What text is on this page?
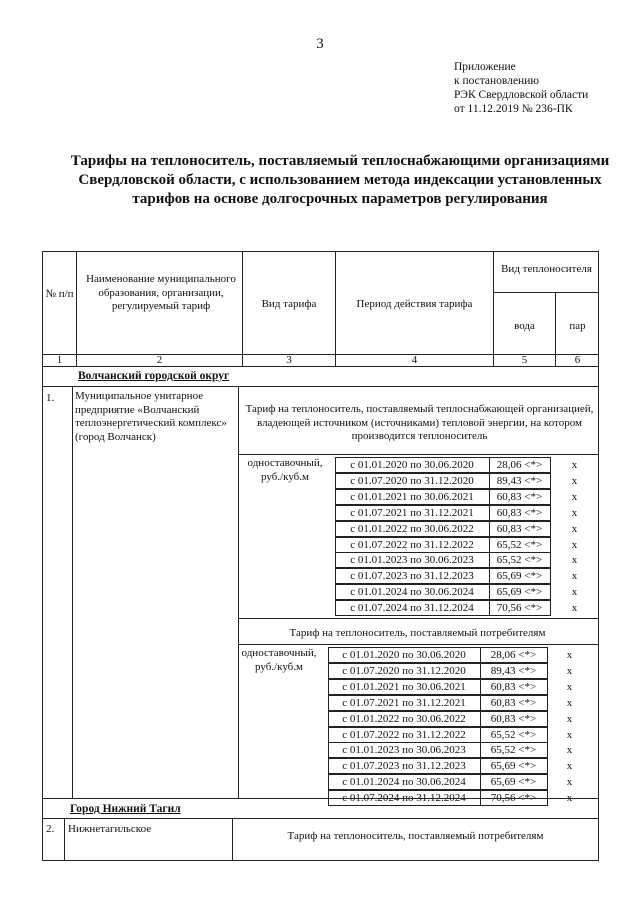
3
Приложение
к постановлению
РЭК Свердловской области
от 11.12.2019 № 236-ПК
Тарифы на теплоноситель, поставляемый теплоснабжающими организациями Свердловской области, с использованием метода индексации установленных тарифов на основе долгосрочных параметров регулирования
№ п/п
Наименование муниципального образования, организации, регулируемый тариф	Вид тарифа	Период действия тарифа
Вид теплоносителя
вода	пар
1	2	3	4	5	6
Волчанский городской округ
1. Муниципальное унитарное предприятие «Волчанский теплоэнергетический комплекс» (город Волчанск)
Тариф на теплоноситель, поставляемый теплоснабжающей организацией, владеющей источником (источниками) тепловой энергии, на котором производится теплоноситель
одноставочный, руб./куб.м
с 01.01.2020 по 30.06.2020	28,06 <*>	х
с 01.07.2020 по 31.12.2020	89,43 <*>	х
с 01.01.2021 по 30.06.2021	60,83 <*>	х
с 01.07.2021 по 31.12.2021	60,83 <*>	х
с 01.01.2022 по 30.06.2022	60,83 <*>	х
с 01.07.2022 по 31.12.2022	65,52 <*>	х
с 01.01.2023 по 30.06.2023	65,52 <*>	х
с 01.07.2023 по 31.12.2023	65,69 <*>	х
с 01.01.2024 по 30.06.2024	65,69 <*>	х
с 01.07.2024 по 31.12.2024	70,56 <*>	х
Тариф на теплоноситель, поставляемый потребителям
одноставочный, руб./куб.м
с 01.01.2020 по 30.06.2020	28,06 <*>	х
с 01.07.2020 по 31.12.2020	89,43 <*>	х
с 01.01.2021 по 30.06.2021	60,83 <*>	х
с 01.07.2021 по 31.12.2021	60,83 <*>	х
с 01.01.2022 по 30.06.2022	60,83 <*>	х
с 01.07.2022 по 31.12.2022	65,52 <*>	х
с 01.01.2023 по 30.06.2023	65,52 <*>	х
с 01.07.2023 по 31.12.2023	65,69 <*>	х
с 01.01.2024 по 30.06.2024	65,69 <*>	х
с 01.07.2024 по 31.12.2024	70,56 <*>	х
Город Нижний Тагил
2. Нижнетагильское
Тариф на теплоноситель, поставляемый потребителям
